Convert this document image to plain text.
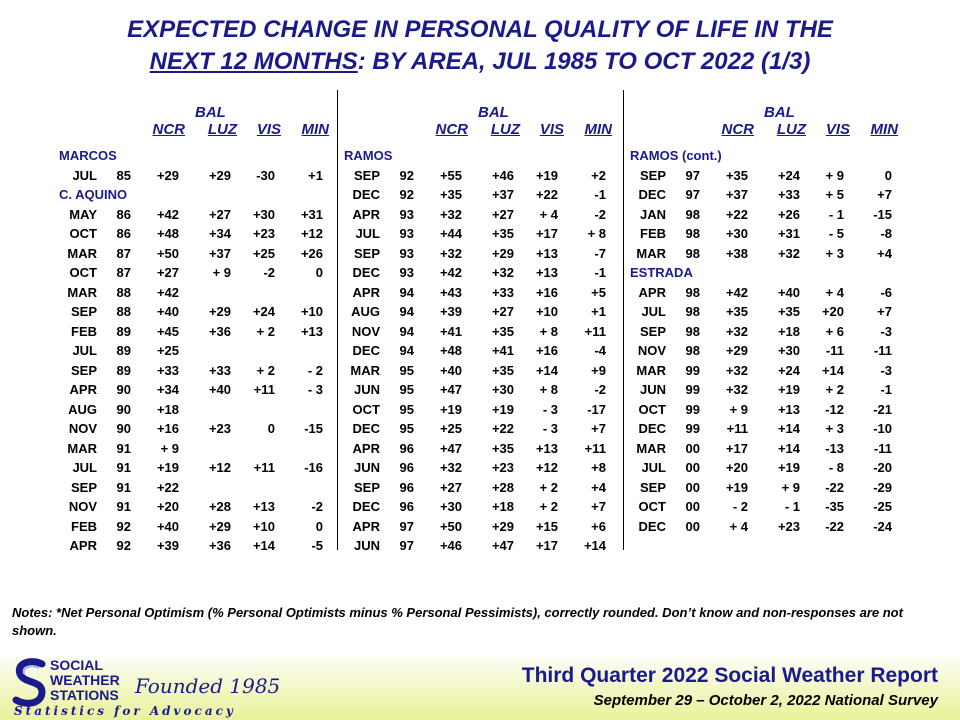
EXPECTED CHANGE IN PERSONAL QUALITY OF LIFE IN THE
NEXT 12 MONTHS: BY AREA, JUL 1985 TO OCT 2022 (1/3)
BAL
NCR	LUZ	VIS	MIN
MARCOS
JUL	85	+29	+29	-30	+1
C. AQUINO
MAY	86	+42	+27	+30	+31
OCT	86	+48	+34	+23	+12
MAR	87	+50	+37	+25	+26
OCT	87	+27	+ 9	-2	0
MAR	88	+42
SEP	88	+40	+29	+24	+10
FEB	89	+45	+36	+ 2	+13
JUL	89	+25
SEP	89	+33	+33	+ 2	- 2
APR	90	+34	+40	+11	- 3
AUG	90	+18
NOV	90	+16	+23	0	-15
MAR	91	+ 9
JUL	91	+19	+12	+11	-16
SEP	91	+22
NOV	91	+20	+28	+13	-2
FEB	92	+40	+29	+10	0
APR	92	+39	+36	+14	-5
BAL
NCR	LUZ	VIS	MIN
RAMOS
SEP	92	+55	+46	+19	+2
DEC	92	+35	+37	+22	-1
APR	93	+32	+27	+ 4	-2
JUL	93	+44	+35	+17	+ 8
SEP	93	+32	+29	+13	-7
DEC	93	+42	+32	+13	-1
APR	94	+43	+33	+16	+5
AUG	94	+39	+27	+10	+1
NOV	94	+41	+35	+ 8	+11
DEC	94	+48	+41	+16	-4
MAR	95	+40	+35	+14	+9
JUN	95	+47	+30	+ 8	-2
OCT	95	+19	+19	- 3	-17
DEC	95	+25	+22	- 3	+7
APR	96	+47	+35	+13	+11
JUN	96	+32	+23	+12	+8
SEP	96	+27	+28	+ 2	+4
DEC	96	+30	+18	+ 2	+7
APR	97	+50	+29	+15	+6
JUN	97	+46	+47	+17	+14
BAL
NCR	LUZ	VIS	MIN
RAMOS (cont.)
SEP	97	+35	+24	+ 9	0
DEC	97	+37	+33	+ 5	+7
JAN	98	+22	+26	- 1	-15
FEB	98	+30	+31	- 5	-8
MAR	98	+38	+32	+ 3	+4
ESTRADA
APR	98	+42	+40	+ 4	-6
JUL	98	+35	+35	+20	+7
SEP	98	+32	+18	+ 6	-3
NOV	98	+29	+30	-11	-11
MAR	99	+32	+24	+14	-3
JUN	99	+32	+19	+ 2	-1
OCT	99	+ 9	+13	-12	-21
DEC	99	+11	+14	+ 3	-10
MAR	00	+17	+14	-13	-11
JUL	00	+20	+19	- 8	-20
SEP	00	+19	+ 9	-22	-29
OCT	00	- 2	- 1	-35	-25
DEC	00	+ 4	+23	-22	-24
Notes: *Net Personal Optimism (% Personal Optimists minus % Personal Pessimists), correctly rounded. Don’t know and non-responses are not shown.
SOCIAL
WEATHER
STATIONS Founded 1985
Statistics for Advocacy
Third Quarter 2022 Social Weather Report
September 29 – October 2, 2022 National Survey
